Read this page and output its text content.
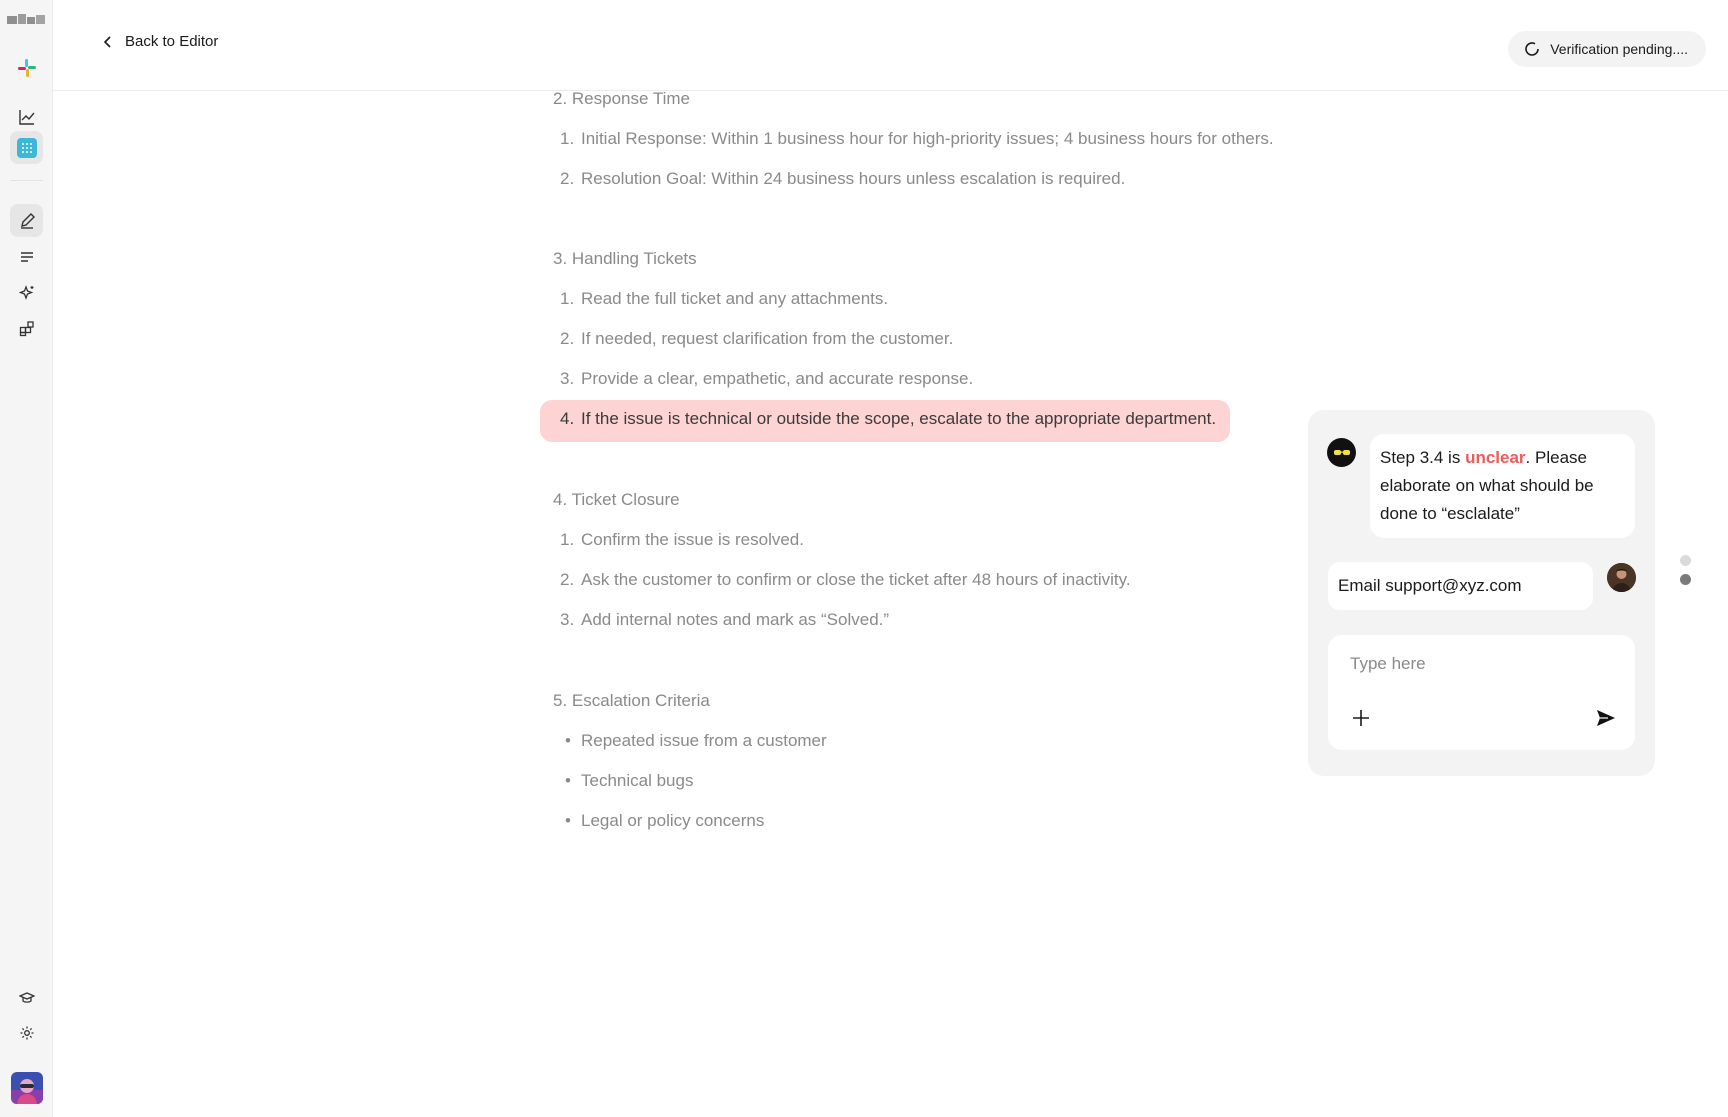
Back to Editor	Verification pending....
2. Response Time
1. Initial Response: Within 1 business hour for high-priority issues; 4 business hours for others.
2. Resolution Goal: Within 24 business hours unless escalation is required.
3. Handling Tickets
1. Read the full ticket and any attachments.
2. If needed, request clarification from the customer.
3. Provide a clear, empathetic, and accurate response.
4. If the issue is technical or outside the scope, escalate to the appropriate department.
4. Ticket Closure
1. Confirm the issue is resolved.
2. Ask the customer to confirm or close the ticket after 48 hours of inactivity.
3. Add internal notes and mark as “Solved.”
5. Escalation Criteria
• Repeated issue from a customer
• Technical bugs
• Legal or policy concerns
Step 3.4 is unclear. Please elaborate on what should be done to “esclalate”
Email support@xyz.com
Type here
